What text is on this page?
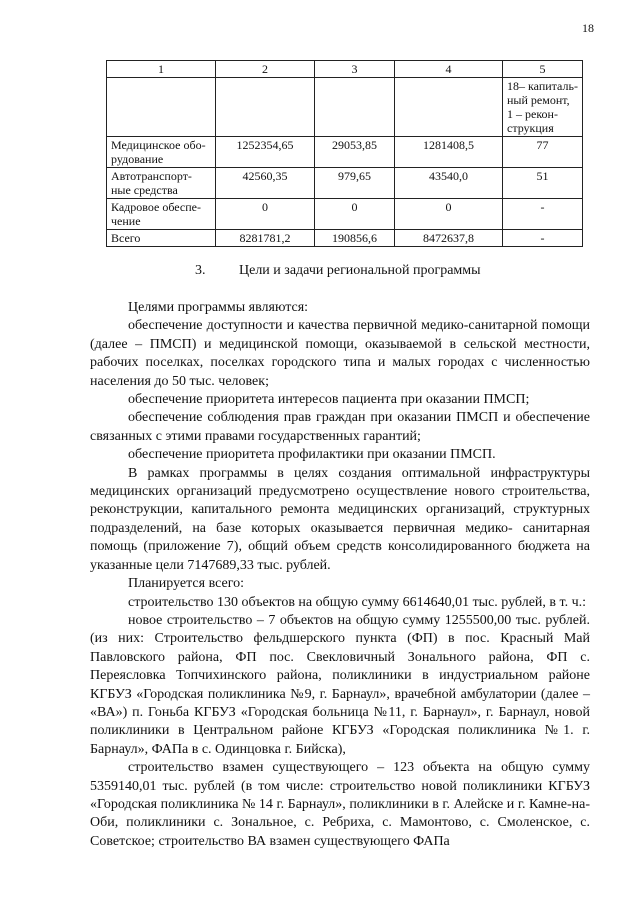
18
1	2	3	4	5

				18– капиталь-
ный ремонт,
1 – рекон-
струкция

Медицинское обо-
рудование	1252354,65	29053,85	1281408,5	77

Автотранспорт-
ные средства	42560,35	979,65	43540,0	51

Кадровое обеспе-
чение	0	0	0	-

Всего	8281781,2	190856,6	8472637,8	-
3. Цели и задачи региональной программы

Целями программы являются:

обеспечение доступности и качества первичной медико-санитарной помощи (далее – ПМСП) и медицинской помощи, оказываемой в сельской местности, рабочих поселках, поселках городского типа и малых городах с численностью населения до 50 тыс. человек;

обеспечение приоритета интересов пациента при оказании ПМСП;

обеспечение соблюдения прав граждан при оказании ПМСП и обеспечение связанных с этими правами государственных гарантий;

обеспечение приоритета профилактики при оказании ПМСП.

В рамках программы в целях создания оптимальной инфраструктуры медицинских организаций предусмотрено осуществление нового строительства, реконструкции, капитального ремонта медицинских организаций, структурных подразделений, на базе которых оказывается первичная медико- санитарная помощь (приложение 7), общий объем средств консолидированного бюджета на указанные цели 7147689,33 тыс. рублей.

Планируется всего:

строительство 130 объектов на общую сумму 6614640,01 тыс. рублей, в т. ч.:

новое строительство – 7 объектов на общую сумму 1255500,00 тыс. рублей. (из них: Строительство фельдшерского пункта (ФП) в пос. Красный Май Павловского района, ФП пос. Свекловичный Зонального района, ФП с. Переясловка Топчихинского района, поликлиники в индустриальном районе КГБУЗ «Городская поликлиника №9, г. Барнаул», врачебной амбулатории (далее – «ВА») п. Гоньба КГБУЗ «Городская больница №11, г. Барнаул», г. Барнаул, новой поликлиники в Центральном районе КГБУЗ «Городская поликлиника №1. г. Барнаул», ФАПа в с. Одинцовка г. Бийска),

строительство взамен существующего – 123 объекта на общую сумму 5359140,01 тыс. рублей (в том числе: строительство новой поликлиники КГБУЗ «Городская поликлиника № 14 г. Барнаул», поликлиники в г. Алейске и г. Камне-на-Оби, поликлиники с. Зональное, с. Ребриха, с. Мамонтово, с. Смоленское, с. Советское; строительство ВА взамен существующего ФАПа
